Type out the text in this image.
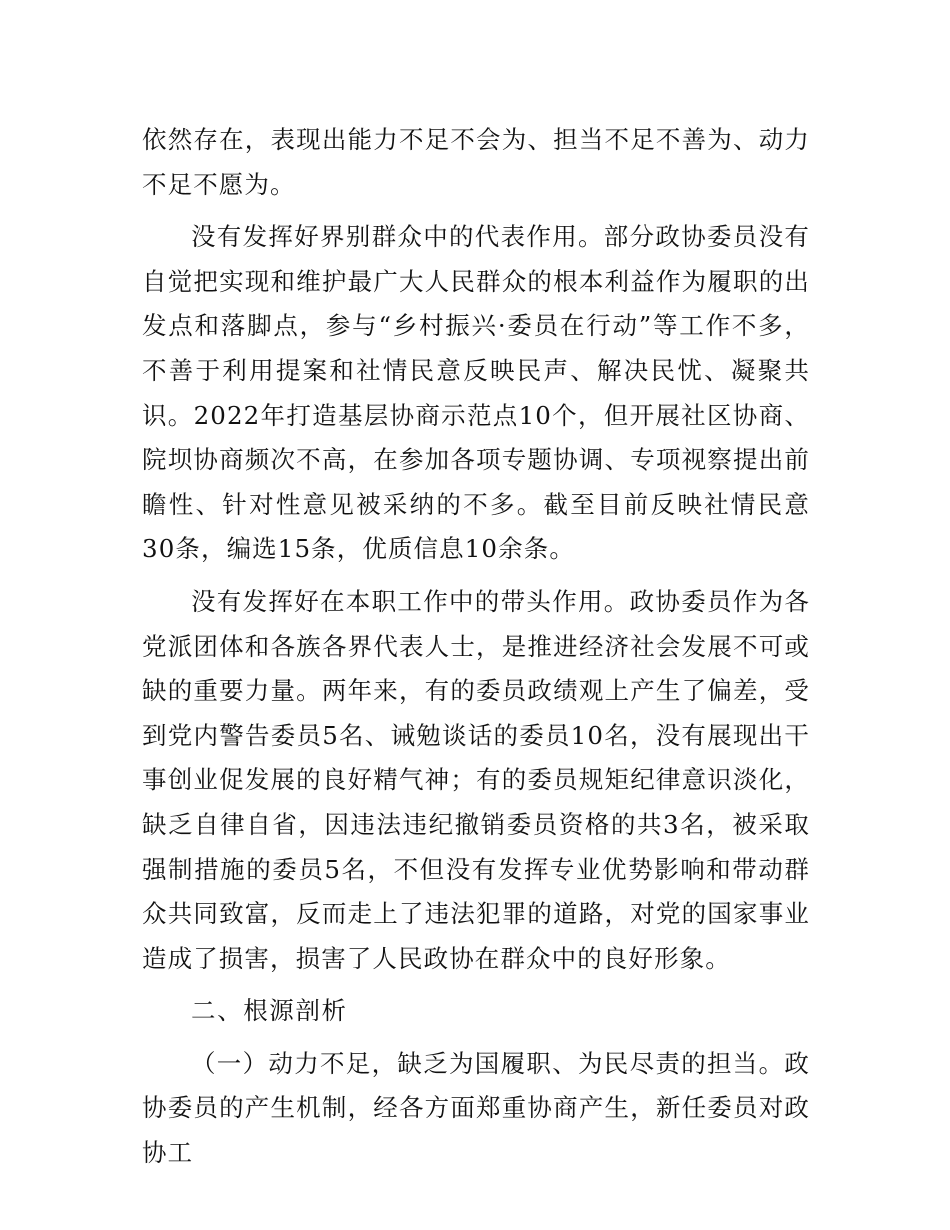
依然存在，表现出能力不足不会为、担当不足不善为、动力不足不愿为。

没有发挥好界别群众中的代表作用。部分政协委员没有自觉把实现和维护最广大人民群众的根本利益作为履职的出发点和落脚点，参与“乡村振兴·委员在行动”等工作不多，不善于利用提案和社情民意反映民声、解决民忧、凝聚共识。2022年打造基层协商示范点10个，但开展社区协商、院坝协商频次不高，在参加各项专题协调、专项视察提出前瞻性、针对性意见被采纳的不多。截至目前反映社情民意30条，编选15条，优质信息10余条。

没有发挥好在本职工作中的带头作用。政协委员作为各党派团体和各族各界代表人士，是推进经济社会发展不可或缺的重要力量。两年来，有的委员政绩观上产生了偏差，受到党内警告委员5名、诫勉谈话的委员10名，没有展现出干事创业促发展的良好精气神；有的委员规矩纪律意识淡化，缺乏自律自省，因违法违纪撤销委员资格的共3名，被采取强制措施的委员5名，不但没有发挥专业优势影响和带动群众共同致富，反而走上了违法犯罪的道路，对党的国家事业造成了损害，损害了人民政协在群众中的良好形象。

二、根源剖析

（一）动力不足，缺乏为国履职、为民尽责的担当。政协委员的产生机制，经各方面郑重协商产生，新任委员对政协工
